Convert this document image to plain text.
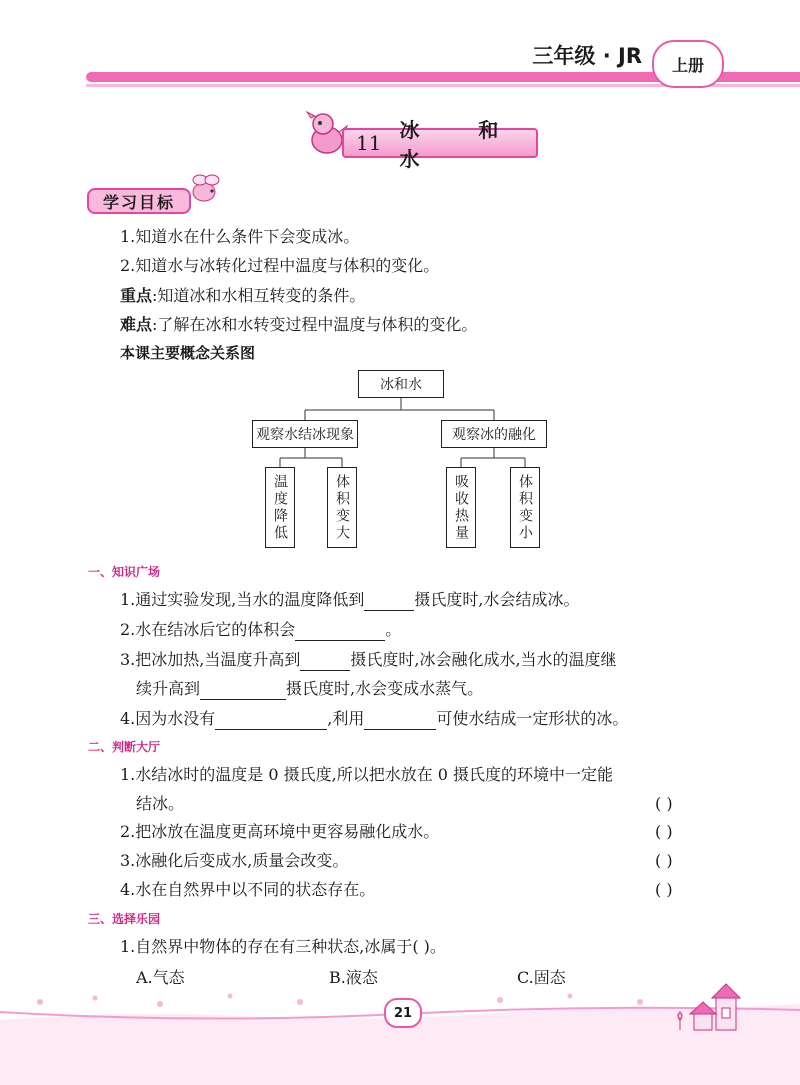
三年级 · JR	上册
11
冰 和 水
学习目标
1.知道水在什么条件下会变成冰。
2.知道水与冰转化过程中温度与体积的变化。
重点:知道冰和水相互转变的条件。
难点:了解在冰和水转变过程中温度与体积的变化。
本课主要概念关系图
冰和水
观察水结冰现象	观察冰的融化
温度降低	体积变大	吸收热量	体积变小
一、知识广场
1.通过实验发现,当水的温度降低到	摄氏度时,水会结成冰。
2.水在结冰后它的体积会	。
3.把冰加热,当温度升高到	摄氏度时,冰会融化成水,当水的温度继
续升高到	摄氏度时,水会变成水蒸气。
4.因为水没有	,利用	可使水结成一定形状的冰。
二、判断大厅
1.水结冰时的温度是 0 摄氏度,所以把水放在 0 摄氏度的环境中一定能
结冰。	( )
2.把冰放在温度更高环境中更容易融化成水。	( )
3.冰融化后变成水,质量会改变。	( )
4.水在自然界中以不同的状态存在。	( )
三、选择乐园
1.自然界中物体的存在有三种状态,冰属于( )。
A.气态	B.液态	C.固态
21
